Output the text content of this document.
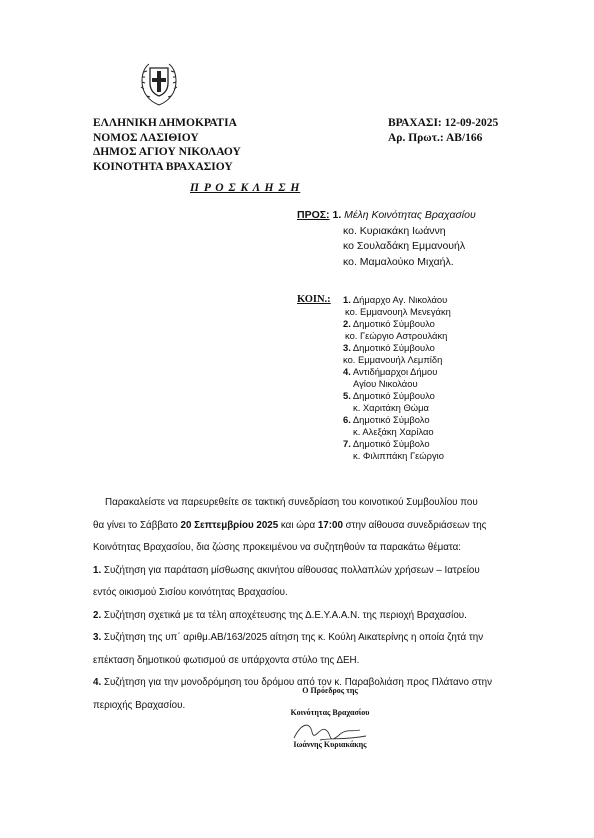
ΕΛΛΗΝΙΚΗ ΔΗΜΟΚΡΑΤΙΑ
ΝΟΜΟΣ ΛΑΣΙΘΙΟΥ
ΔΗΜΟΣ ΑΓΙΟΥ ΝΙΚΟΛΑΟΥ
ΚΟΙΝΟΤΗΤΑ ΒΡΑΧΑΣΙΟΥ
ΒΡΑΧΑΣΙ: 12-09-2025
Αρ. Πρωτ.: ΑΒ/166
Π Ρ Ο Σ Κ Λ Η Σ Η
ΠΡΟΣ: 1. Μέλη Κοινότητας Βραχασίου
κο. Κυριακάκη Ιωάννη
κο Σουλαδάκη Εμμανουήλ
κο. Μαμαλούκο Μιχαήλ.
ΚΟΙΝ.: 1. Δήμαρχο Αγ. Νικολάου
κο. Εμμανουηλ Μενεγάκη
2. Δημοτικό Σύμβουλο
κο. Γεώργιο Αστρουλάκη
3. Δημοτικό Σύμβουλο
κο. Εμμανουήλ Λεμπίδη
4. Αντιδήμαρχοι Δήμου
Αγίου Νικολάου
5. Δημοτικό Σύμβουλο
κ. Χαριτάκη Θώμα
6. Δημοτικό Σύμβολο
κ. Αλεξάκη Χαρίλαο
7. Δημοτικό Σύμβολο
κ. Φιλιππάκη Γεώργιο
Παρακαλείστε να παρευρεθείτε σε τακτική συνεδρίαση του κοινοτικού Συμβουλίου που
θα γίνει το Σάββατο 20 Σεπτεμβρίου 2025 και ώρα 17:00 στην αίθουσα συνεδριάσεων της
Κοινότητας Βραχασίου, δια ζώσης προκειμένου να συζητηθούν τα παρακάτω θέματα:
1. Συζήτηση για παράταση μίσθωσης ακινήτου αίθουσας πολλαπλών χρήσεων – Ιατρείου
εντός οικισμού Σισίου κοινότητας Βραχασίου.
2. Συζήτηση σχετικά με τα τέλη αποχέτευσης της Δ.Ε.Υ.Α.Α.Ν. της περιοχή Βραχασίου.
3. Συζήτηση της υπ΄ αριθμ.ΑΒ/163/2025 αίτηση της κ. Κούλη Αικατερίνης η οποία ζητά την
επέκταση δημοτικού φωτισμού σε υπάρχοντα στύλο της ΔΕΗ.
4. Συζήτηση για την μονοδρόμηση του δρόμου από τον κ. Παραβολιάση προς Πλάτανο στην
περιοχής Βραχασίου.
Ο Πρόεδρος της
Κοινότητας Βραχασίου
Ιωάννης Κυριακάκης
